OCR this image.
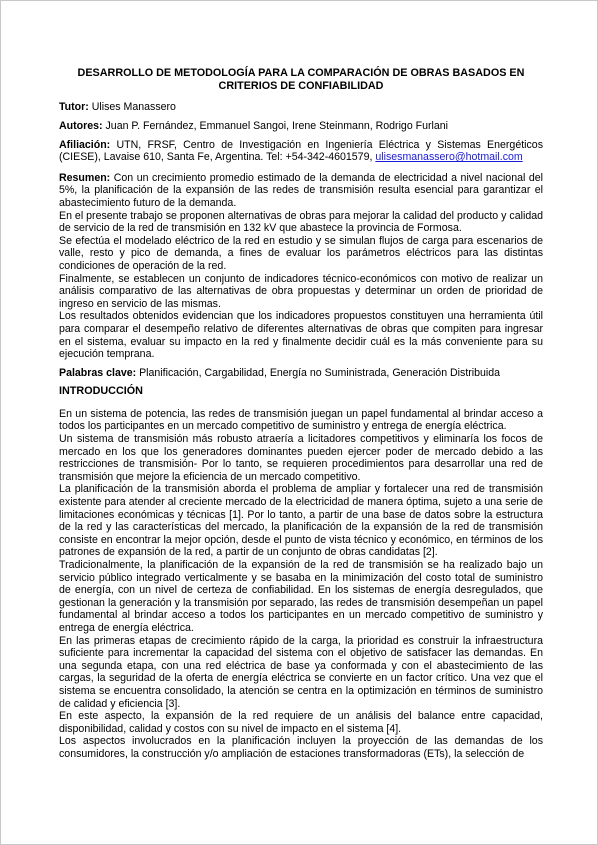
DESARROLLO DE METODOLOGÍA PARA LA COMPARACIÓN DE OBRAS BASADOS EN
CRITERIOS DE CONFIABILIDAD

Tutor: Ulises Manassero

Autores: Juan P. Fernández, Emmanuel Sangoi, Irene Steinmann, Rodrigo Furlani

Afiliación: UTN, FRSF, Centro de Investigación en Ingeniería Eléctrica y Sistemas Energéticos (CIESE), Lavaise 610, Santa Fe, Argentina. Tel: +54-342-4601579, ulisesmanassero@hotmail.com

Resumen: Con un crecimiento promedio estimado de la demanda de electricidad a nivel nacional del 5%, la planificación de la expansión de las redes de transmisión resulta esencial para garantizar el abastecimiento futuro de la demanda.

En el presente trabajo se proponen alternativas de obras para mejorar la calidad del producto y calidad de servicio de la red de transmisión en 132 kV que abastece la provincia de Formosa.

Se efectúa el modelado eléctrico de la red en estudio y se simulan flujos de carga para escenarios de valle, resto y pico de demanda, a fines de evaluar los parámetros eléctricos para las distintas condiciones de operación de la red.

Finalmente, se establecen un conjunto de indicadores técnico-económicos con motivo de realizar un análisis comparativo de las alternativas de obra propuestas y determinar un orden de prioridad de ingreso en servicio de las mismas.

Los resultados obtenidos evidencian que los indicadores propuestos constituyen una herramienta útil para comparar el desempeño relativo de diferentes alternativas de obras que compiten para ingresar en el sistema, evaluar su impacto en la red y finalmente decidir cuál es la más conveniente para su ejecución temprana.

Palabras clave: Planificación, Cargabilidad, Energía no Suministrada, Generación Distribuida

INTRODUCCIÓN

En un sistema de potencia, las redes de transmisión juegan un papel fundamental al brindar acceso a todos los participantes en un mercado competitivo de suministro y entrega de energía eléctrica.

Un sistema de transmisión más robusto atraería a licitadores competitivos y eliminaría los focos de mercado en los que los generadores dominantes pueden ejercer poder de mercado debido a las restricciones de transmisión- Por lo tanto, se requieren procedimientos para desarrollar una red de transmisión que mejore la eficiencia de un mercado competitivo.

La planificación de la transmisión aborda el problema de ampliar y fortalecer una red de transmisión existente para atender al creciente mercado de la electricidad de manera óptima, sujeto a una serie de limitaciones económicas y técnicas [1]. Por lo tanto, a partir de una base de datos sobre la estructura de la red y las características del mercado, la planificación de la expansión de la red de transmisión consiste en encontrar la mejor opción, desde el punto de vista técnico y económico, en términos de los patrones de expansión de la red, a partir de un conjunto de obras candidatas [2].

Tradicionalmente, la planificación de la expansión de la red de transmisión se ha realizado bajo un servicio público integrado verticalmente y se basaba en la minimización del costo total de suministro de energía, con un nivel de certeza de confiabilidad. En los sistemas de energía desregulados, que gestionan la generación y la transmisión por separado, las redes de transmisión desempeñan un papel fundamental al brindar acceso a todos los participantes en un mercado competitivo de suministro y entrega de energía eléctrica.

En las primeras etapas de crecimiento rápido de la carga, la prioridad es construir la infraestructura suficiente para incrementar la capacidad del sistema con el objetivo de satisfacer las demandas. En una segunda etapa, con una red eléctrica de base ya conformada y con el abastecimiento de las cargas, la seguridad de la oferta de energía eléctrica se convierte en un factor crítico. Una vez que el sistema se encuentra consolidado, la atención se centra en la optimización en términos de suministro de calidad y eficiencia [3].

En este aspecto, la expansión de la red requiere de un análisis del balance entre capacidad, disponibilidad, calidad y costos con su nivel de impacto en el sistema [4].

Los aspectos involucrados en la planificación incluyen la proyección de las demandas de los consumidores, la construcción y/o ampliación de estaciones transformadoras (ETs), la selección de
